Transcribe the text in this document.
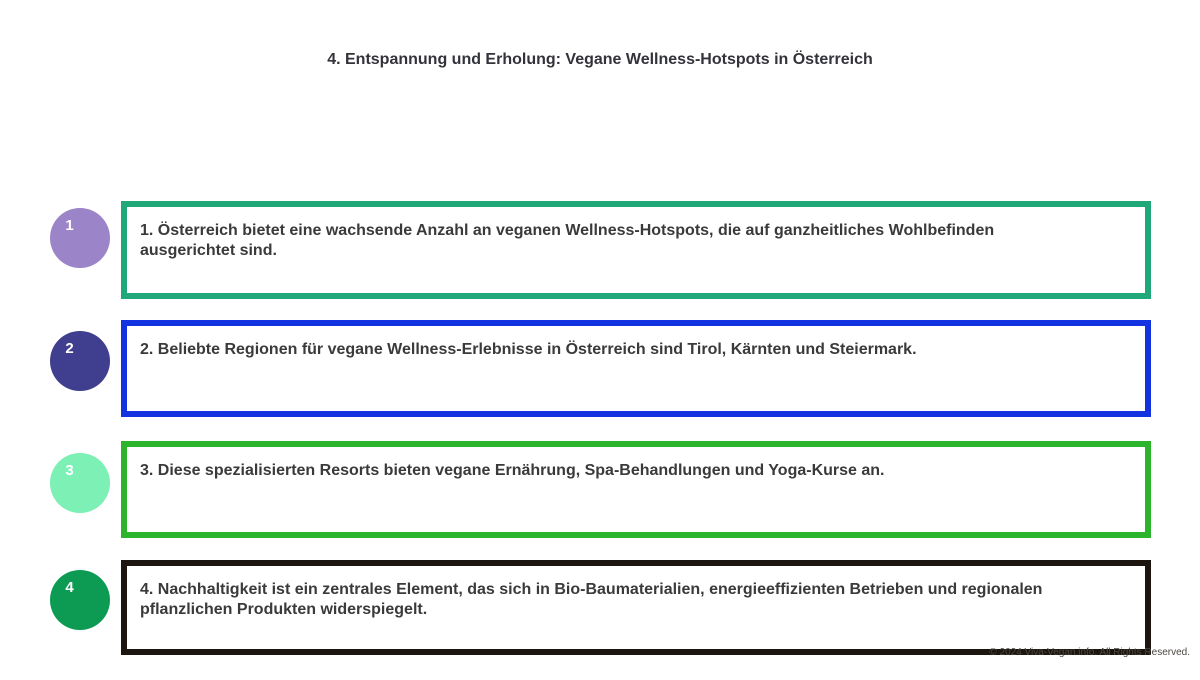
4. Entspannung und Erholung: Vegane Wellness-Hotspots in Österreich
1	1. Österreich bietet eine wachsende Anzahl an veganen Wellness-Hotspots, die auf ganzheitliches Wohlbefinden ausgerichtet sind.

2	2. Beliebte Regionen für vegane Wellness-Erlebnisse in Österreich sind Tirol, Kärnten und Steiermark.

3	3. Diese spezialisierten Resorts bieten vegane Ernährung, Spa-Behandlungen und Yoga-Kurse an.

4	4. Nachhaltigkeit ist ein zentrales Element, das sich in Bio-Baumaterialien, energieeffizienten Betrieben und regionalen pflanzlichen Produkten widerspiegelt.

© 2024 Viva-Vegan.info. All Rights Reserved.
